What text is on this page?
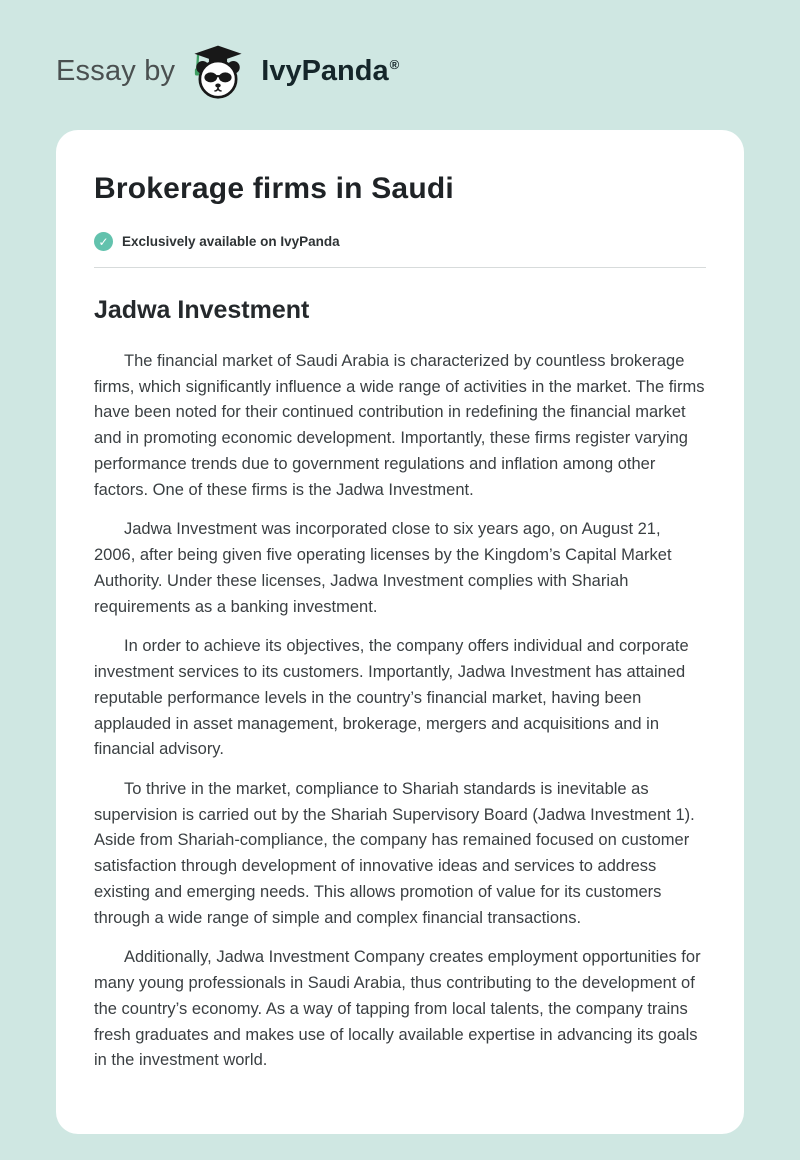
Essay by	IvyPanda®
Brokerage firms in Saudi
✓ Exclusively available on IvyPanda
Jadwa Investment

The financial market of Saudi Arabia is characterized by countless brokerage firms, which significantly influence a wide range of activities in the market. The firms have been noted for their continued contribution in redefining the financial market and in promoting economic development. Importantly, these firms register varying performance trends due to government regulations and inflation among other factors. One of these firms is the Jadwa Investment.

Jadwa Investment was incorporated close to six years ago, on August 21, 2006, after being given five operating licenses by the Kingdom’s Capital Market Authority. Under these licenses, Jadwa Investment complies with Shariah requirements as a banking investment.

In order to achieve its objectives, the company offers individual and corporate investment services to its customers. Importantly, Jadwa Investment has attained reputable performance levels in the country’s financial market, having been applauded in asset management, brokerage, mergers and acquisitions and in financial advisory.

To thrive in the market, compliance to Shariah standards is inevitable as supervision is carried out by the Shariah Supervisory Board (Jadwa Investment 1). Aside from Shariah-compliance, the company has remained focused on customer satisfaction through development of innovative ideas and services to address existing and emerging needs. This allows promotion of value for its customers through a wide range of simple and complex financial transactions.

Additionally, Jadwa Investment Company creates employment opportunities for many young professionals in Saudi Arabia, thus contributing to the development of the country’s economy. As a way of tapping from local talents, the company trains fresh graduates and makes use of locally available expertise in advancing its goals in the investment world.
